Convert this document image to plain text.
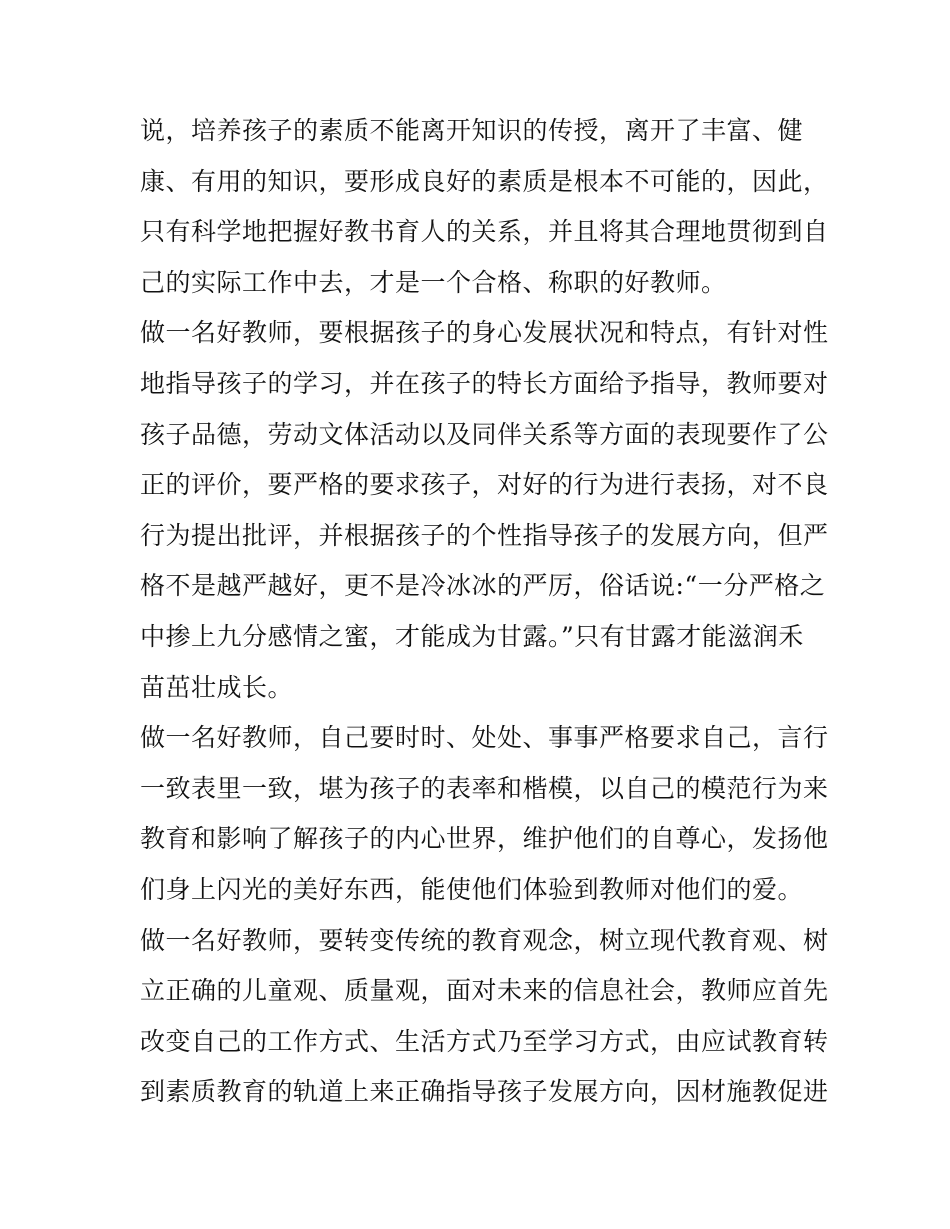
说，培养孩子的素质不能离开知识的传授，离开了丰富、健
康、有用的知识，要形成良好的素质是根本不可能的，因此，
只有科学地把握好教书育人的关系，并且将其合理地贯彻到自
己的实际工作中去，才是一个合格、称职的好教师。
做一名好教师，要根据孩子的身心发展状况和特点，有针对性
地指导孩子的学习，并在孩子的特长方面给予指导，教师要对
孩子品德，劳动文体活动以及同伴关系等方面的表现要作了公
正的评价，要严格的要求孩子，对好的行为进行表扬，对不良
行为提出批评，并根据孩子的个性指导孩子的发展方向，但严
格不是越严越好，更不是冷冰冰的严厉，俗话说:“一分严格之
中掺上九分感情之蜜，才能成为甘露。”只有甘露才能滋润禾
苗茁壮成长。
做一名好教师，自己要时时、处处、事事严格要求自己，言行
一致表里一致，堪为孩子的表率和楷模，以自己的模范行为来
教育和影响了解孩子的内心世界，维护他们的自尊心，发扬他
们身上闪光的美好东西，能使他们体验到教师对他们的爱。
做一名好教师，要转变传统的教育观念，树立现代教育观、树
立正确的儿童观、质量观，面对未来的信息社会，教师应首先
改变自己的工作方式、生活方式乃至学习方式，由应试教育转
到素质教育的轨道上来正确指导孩子发展方向，因材施教促进
